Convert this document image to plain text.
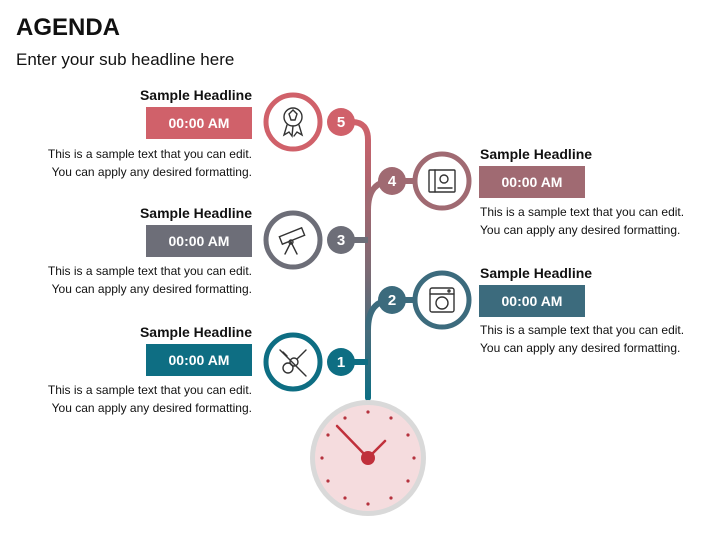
AGENDA
Enter your sub headline here
1
3
5
2
4
Sample Headline
00:00 AM
This is a sample text that you can edit.
You can apply any desired formatting.
Sample Headline
00:00 AM
This is a sample text that you can edit.
You can apply any desired formatting.
Sample Headline
00:00 AM
This is a sample text that you can edit.
You can apply any desired formatting.
Sample Headline
00:00 AM
This is a sample text that you can edit.
You can apply any desired formatting.
Sample Headline
00:00 AM
This is a sample text that you can edit.
You can apply any desired formatting.
